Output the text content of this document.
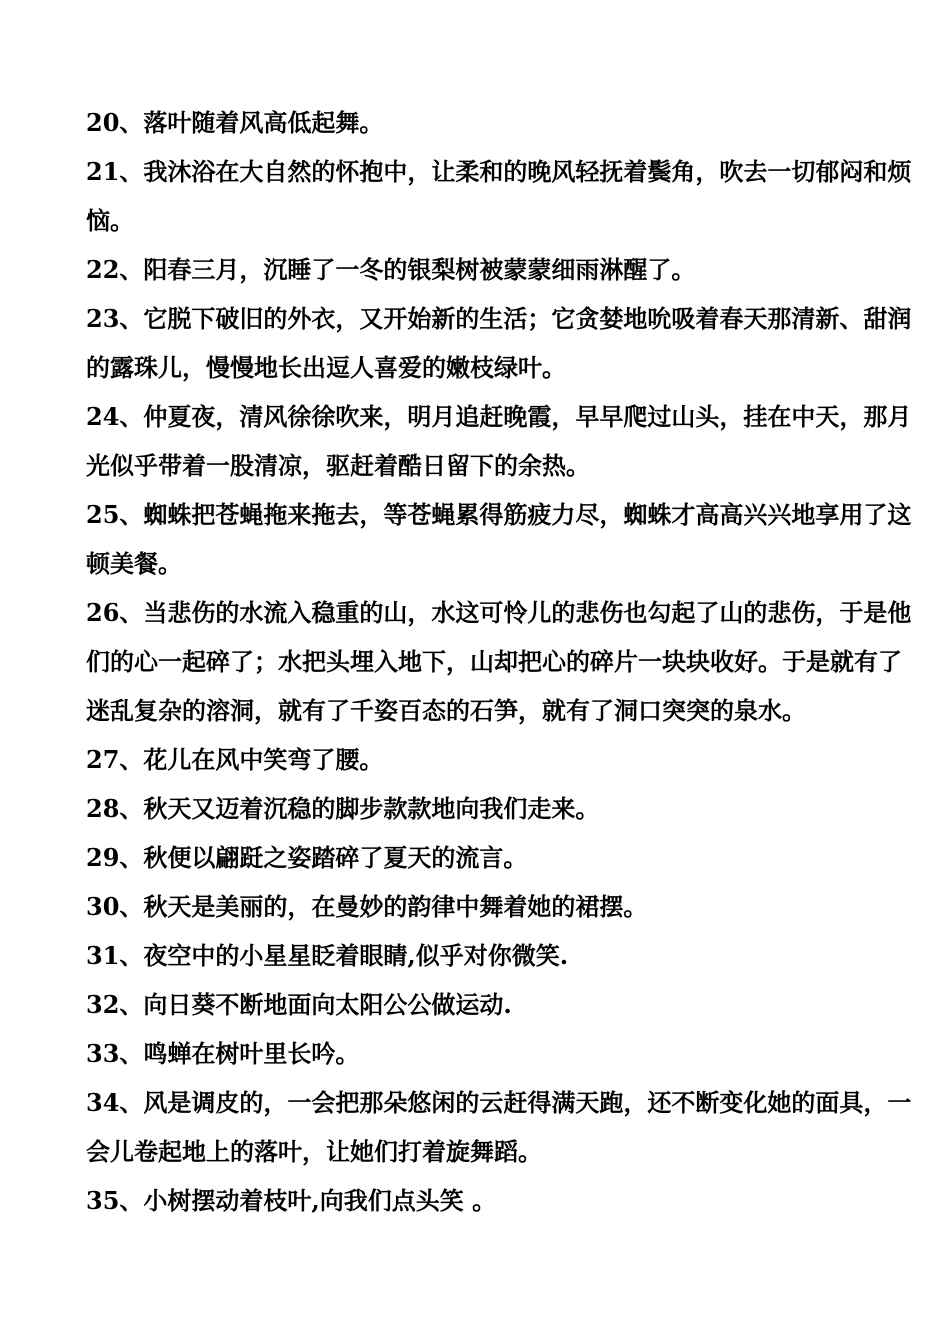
20、落叶随着风高低起舞。

21、我沐浴在大自然的怀抱中，让柔和的晚风轻抚着鬓角，吹去一切郁闷和烦恼。

22、阳春三月，沉睡了一冬的银梨树被蒙蒙细雨淋醒了。

23、它脱下破旧的外衣，又开始新的生活；它贪婪地吮吸着春天那清新、甜润的露珠儿，慢慢地长出逗人喜爱的嫩枝绿叶。

24、仲夏夜，清风徐徐吹来，明月追赶晚霞，早早爬过山头，挂在中天，那月光似乎带着一股清凉，驱赶着酷日留下的余热。

25、蜘蛛把苍蝇拖来拖去，等苍蝇累得筋疲力尽，蜘蛛才高高兴兴地享用了这顿美餐。

26、当悲伤的水流入稳重的山，水这可怜儿的悲伤也勾起了山的悲伤，于是他们的心一起碎了；水把头埋入地下，山却把心的碎片一块块收好。于是就有了迷乱复杂的溶洞，就有了千姿百态的石笋，就有了洞口突突的泉水。

27、花儿在风中笑弯了腰。

28、秋天又迈着沉稳的脚步款款地向我们走来。

29、秋便以翩跹之姿踏碎了夏天的流言。

30、秋天是美丽的，在曼妙的韵律中舞着她的裙摆。

31、夜空中的小星星眨着眼睛,似乎对你微笑.

32、向日葵不断地面向太阳公公做运动.

33、鸣蝉在树叶里长吟。

34、风是调皮的，一会把那朵悠闲的云赶得满天跑，还不断变化她的面具，一会儿卷起地上的落叶，让她们打着旋舞蹈。

35、小树摆动着枝叶,向我们点头笑 。
